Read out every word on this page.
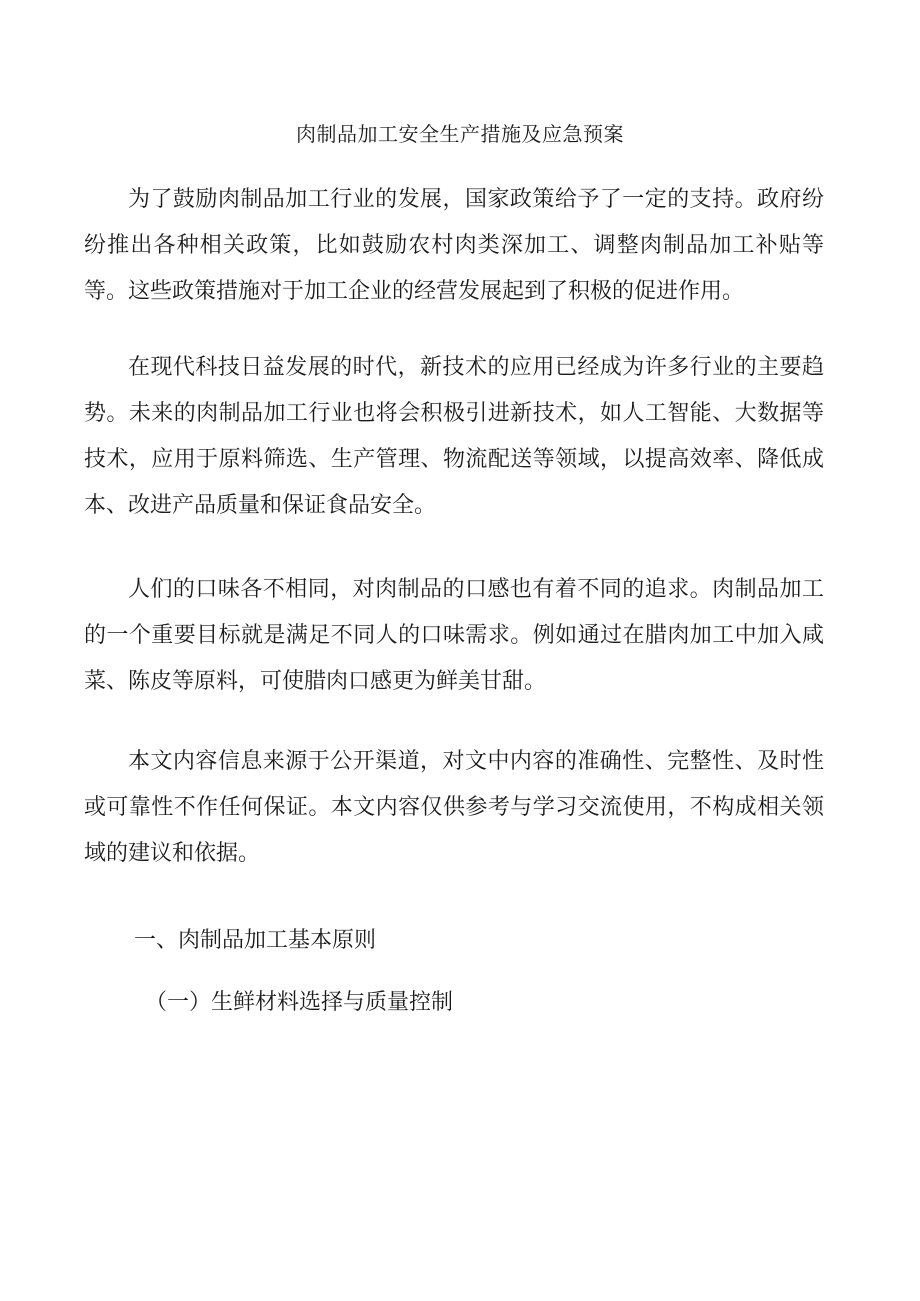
肉制品加工安全生产措施及应急预案

为了鼓励肉制品加工行业的发展，国家政策给予了一定的支持。政府纷纷推出各种相关政策，比如鼓励农村肉类深加工、调整肉制品加工补贴等等。这些政策措施对于加工企业的经营发展起到了积极的促进作用。

在现代科技日益发展的时代，新技术的应用已经成为许多行业的主要趋势。未来的肉制品加工行业也将会积极引进新技术，如人工智能、大数据等技术，应用于原料筛选、生产管理、物流配送等领域，以提高效率、降低成本、改进产品质量和保证食品安全。

人们的口味各不相同，对肉制品的口感也有着不同的追求。肉制品加工的一个重要目标就是满足不同人的口味需求。例如通过在腊肉加工中加入咸菜、陈皮等原料，可使腊肉口感更为鲜美甘甜。

本文内容信息来源于公开渠道，对文中内容的准确性、完整性、及时性或可靠性不作任何保证。本文内容仅供参考与学习交流使用，不构成相关领域的建议和依据。

一、肉制品加工基本原则
（一）生鲜材料选择与质量控制
